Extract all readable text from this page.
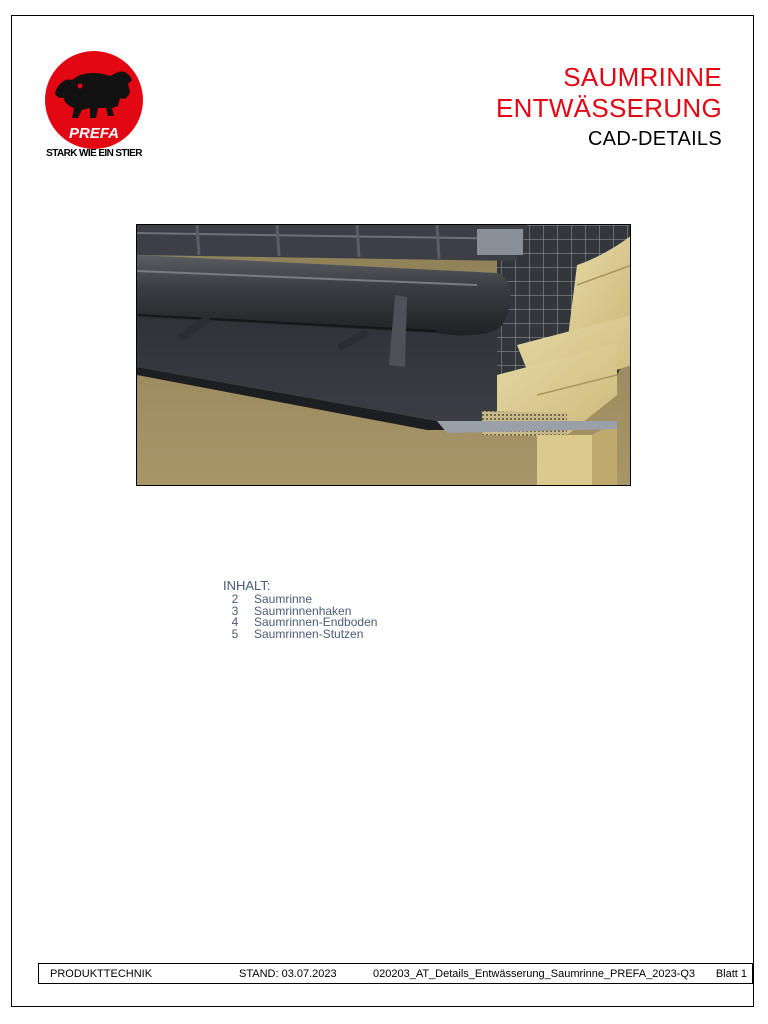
PREFA
STARK WIE EIN STIER
SAUMRINNE
ENTWÄSSERUNG
CAD-DETAILS
INHALT:
2	Saumrinne
3	Saumrinnenhaken
4	Saumrinnen-Endboden
5	Saumrinnen-Stutzen
PRODUKTTECHNIK	STAND: 03.07.2023	020203_AT_Details_Entwässerung_Saumrinne_PREFA_2023-Q3 Blatt 1
